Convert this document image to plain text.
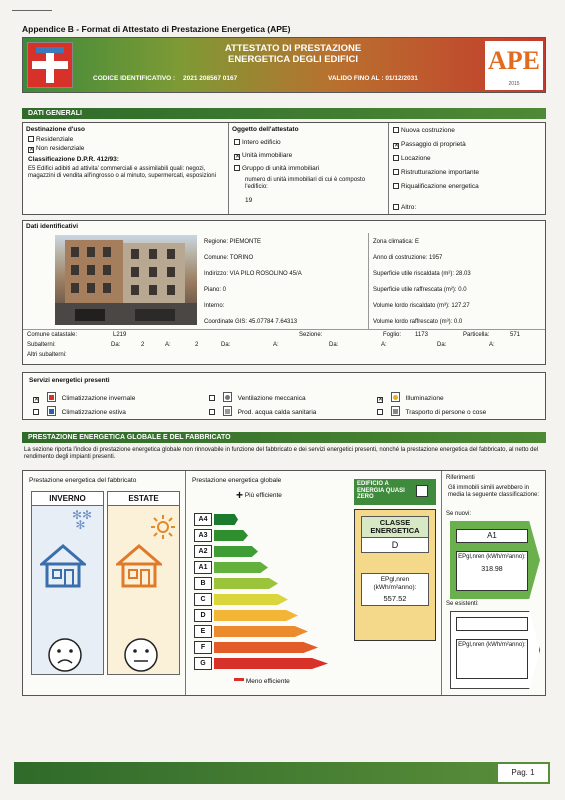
Appendice B - Format di Attestato di Prestazione Energetica (APE)
ATTESTATO DI PRESTAZIONE
ENERGETICA DEGLI EDIFICI
CODICE IDENTIFICATIVO : 2021 208567 0167	VALIDO FINO AL : 01/12/2031
APE
2015
DATI GENERALI
Destinazione d'uso
Residenziale
✕ Non residenziale
Classificazione D.P.R. 412/93:
E5 Edifici adibiti ad attivita' commerciali e assimilabili quali: negozi, magazzini di vendita all'ingrosso o al minuto, supermercati, esposizioni
Oggetto dell'attestato
Intero edificio
✕ Unità immobiliare
Gruppo di unità immobiliari
numero di unità immobiliari di cui è composto l'edificio:
19
Nuova costruzione
✕ Passaggio di proprietà
Locazione
Ristrutturazione importante
Riqualificazione energetica
Altro:
Dati identificativi
Regione: PIEMONTE
Comune: TORINO
Indirizzo: VIA PILO ROSOLINO 45/A
Piano: 0
Interno:
Coordinate GIS: 45.07784 7.64313
Zona climatica: E
Anno di costruzione: 1957
Superficie utile riscaldata (m²): 28.03
Superficie utile raffrescata (m²): 0.0
Volume lordo riscaldato (m³): 127.27
Volume lordo raffrescato (m³): 0.0
Comune catastale:	L219	Sezione:	Foglio: 1173	Particella:	571
Subalterni:	Da:	2	A:	2	Da:	A:	Da:	A:	Da:	A:
Altri subalterni:
Servizi energetici presenti
✕	Climatizzazione invernale

Climatizzazione estiva

Ventilazione meccanica

Prod. acqua calda sanitaria
✕	Illuminazione

Trasporto di persone o cose
PRESTAZIONE ENERGETICA GLOBALE E DEL FABBRICATO
La sezione riporta l'indice di prestazione energetica globale non rinnovabile in funzione del fabbricato e dei servizi energetici presenti, nonché la prestazione energetica del fabbricato, al netto del rendimento degli impianti presenti.
Prestazione energetica del fabbricato
INVERNO
✻✻
✻
ESTATE
Prestazione energetica globale
+ Più efficiente
A4
A3
A2
A1
B
C
D
E
F
G
Meno efficiente
EDIFICIO A ENERGIA QUASI ZERO
CLASSE ENERGETICA
D
EPgl,nren (kWh/m²anno):
557.52
Riferimenti
Gli immobili simili avrebbero in media la seguente classificazione:
Se nuovi:
A1
EPgl,nren (kWh/m²anno):
318.98
Se esistenti:
EPgl,nren (kWh/m²anno):
Pag. 1
